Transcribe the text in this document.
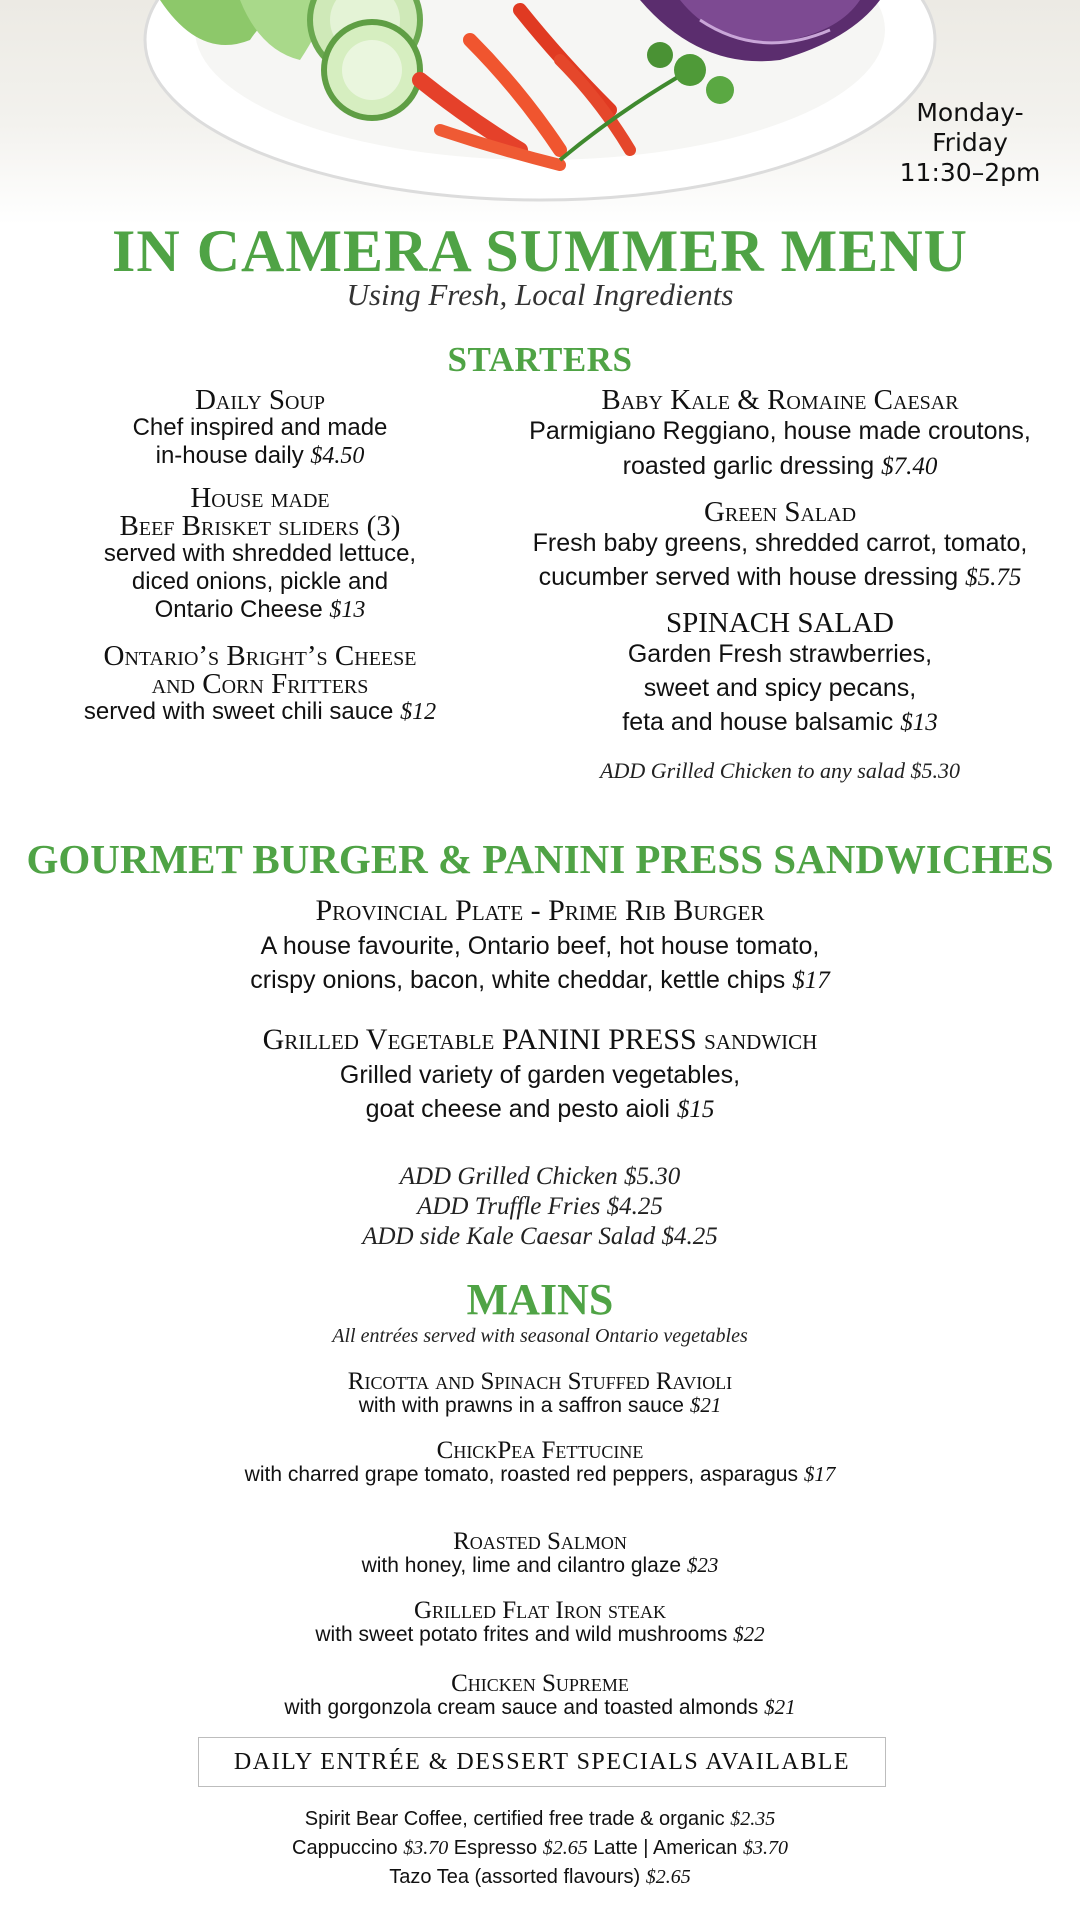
Monday-
Friday
11:30–2pm
IN CAMERA SUMMER MENU
Using Fresh, Local Ingredients
STARTERS
Daily Soup
Chef inspired and made
in-house daily $4.50
House made
Beef Brisket sliders (3)
served with shredded lettuce,
diced onions, pickle and
Ontario Cheese $13
Ontario’s Bright’s Cheese
and Corn Fritters
served with sweet chili sauce $12
Baby Kale & Romaine Caesar
Parmigiano Reggiano, house made croutons,
roasted garlic dressing $7.40
Green Salad
Fresh baby greens, shredded carrot, tomato,
cucumber served with house dressing $5.75
SPINACH SALAD
Garden Fresh strawberries,
sweet and spicy pecans,
feta and house balsamic $13
ADD Grilled Chicken to any salad $5.30
GOURMET BURGER & PANINI PRESS SANDWICHES
Provincial Plate - Prime Rib Burger
A house favourite, Ontario beef, hot house tomato,
crispy onions, bacon, white cheddar, kettle chips $17
Grilled Vegetable PANINI PRESS sandwich
Grilled variety of garden vegetables,
goat cheese and pesto aioli $15
ADD Grilled Chicken $5.30
ADD Truffle Fries $4.25
ADD side Kale Caesar Salad $4.25
MAINS
All entrées served with seasonal Ontario vegetables
Ricotta and Spinach Stuffed Ravioli
with with prawns in a saffron sauce $21
ChickPea Fettucine
with charred grape tomato, roasted red peppers, asparagus $17
Roasted Salmon
with honey, lime and cilantro glaze $23
Grilled Flat Iron steak
with sweet potato frites and wild mushrooms $22
Chicken Supreme
with gorgonzola cream sauce and toasted almonds $21
DAILY ENTRÉE & DESSERT SPECIALS AVAILABLE
Spirit Bear Coffee, certified free trade & organic $2.35
Cappuccino $3.70 Espresso $2.65 Latte | American $3.70
Tazo Tea (assorted flavours) $2.65
